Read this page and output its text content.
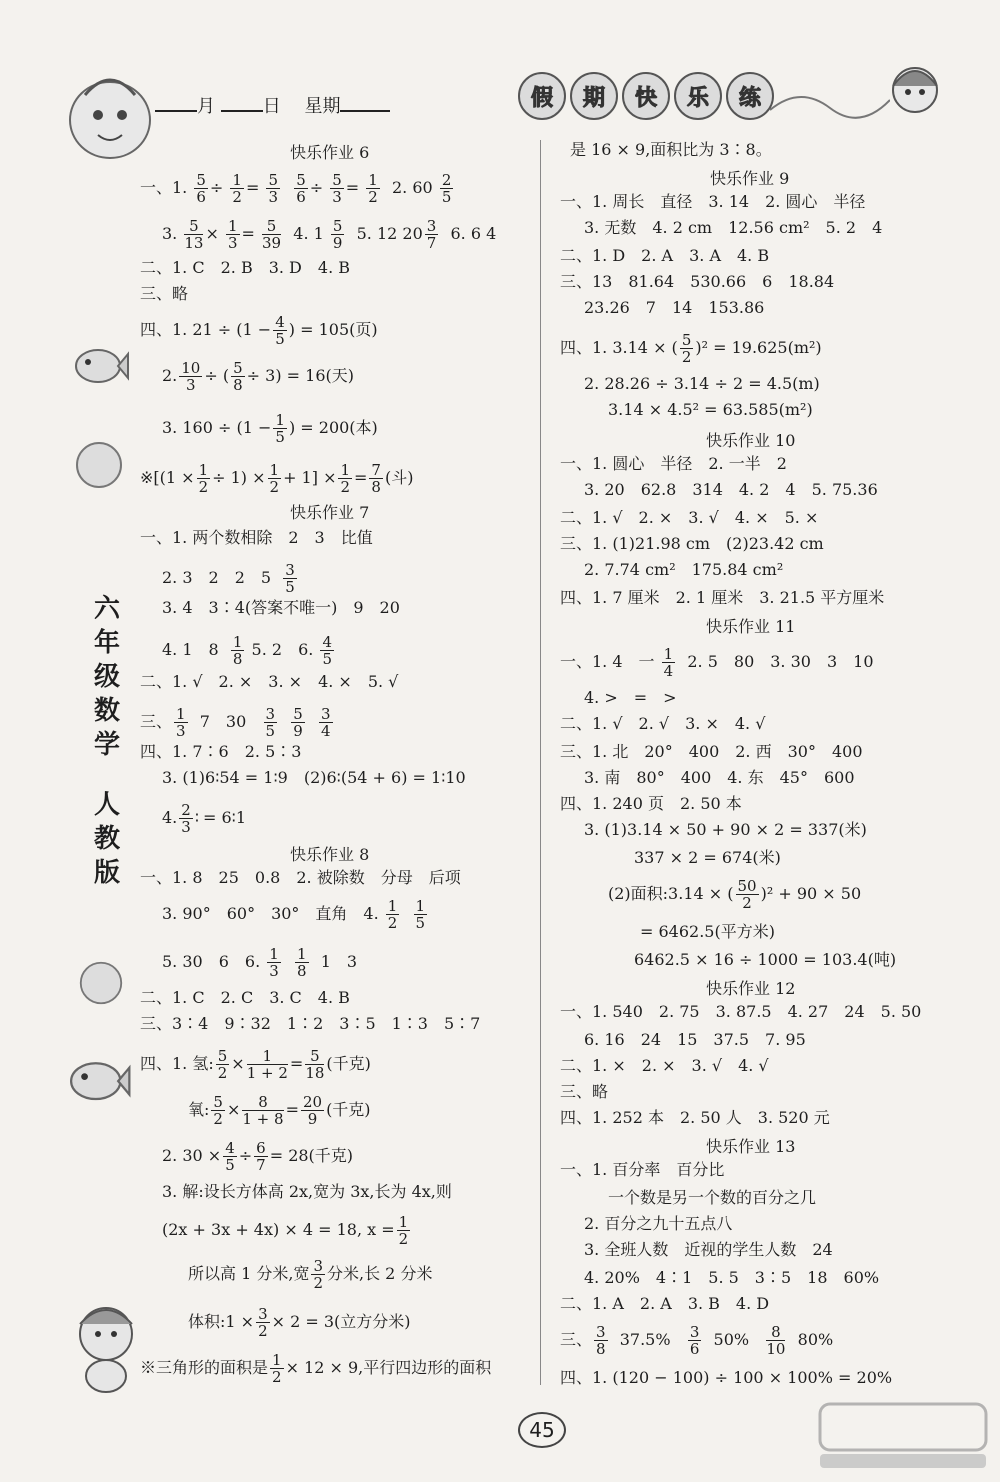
月	日 　 星期	假	期	快	乐	练
六
年
级
数
学
人
教
版
快乐作业 6
一、1. $\frac{5}{6} \div \frac{1}{2} = \frac{5}{3}$
$\frac{5}{6} \div \frac{5}{3} = \frac{1}{2} 2$. $60 \frac{2}{5}$
3. $\frac{5}{13} \times \frac{1}{3} = \frac{5}{39} 4$. $1 \frac{5}{9} 5$. 12 $20 \frac{3}{7} 6$. 6 4
二、1. C　2. B　3. D　4. B
三、略
四、1. $21 \div (1 - \frac{4}{5}$ ) = 105(页)
2. $\frac{10}{3}$ ÷ ( $\frac{5}{8} \div 3) = 16$(天)
3. $160 \div (1 - \frac{1}{5}$ ) = 200(本)
※[(1 × $\frac{1}{2} \div 1) \times \frac{1}{2} + 1] \times \frac{1}{2} = \frac{7}{8}$ (斗)
快乐作业 7
一、1. 两个数相除　2　3　比值
2. 3　2　2　$5 \frac{3}{5}$
3. 4　3∶4(答案不唯一)　9　20
4. 1　$8 \frac{1}{8} 5$. 2　6. $\frac{4}{5}$
二、1. √　2. ×　3. ×　4. ×　5. √
三、 $\frac{1}{3} 7$　$30 \frac{3}{5}$
$\frac{5}{9}$
$\frac{3}{4}$
四、1. 7∶6　2. 5∶3
3. (1)6∶54 = 1∶9　(2)6∶(54 + 6) = 1∶10
4. $\frac{2}{3}$ ∶ = 6∶1
快乐作业 8
一、1. 8　25　0.8　2. 被除数　分母　后项
3. 90°　60°　30°　直角　4. $\frac{1}{2}$
$\frac{1}{5}$
5. 30　6　6. $\frac{1}{3}$
$\frac{1}{8} 1$　3
二、1. C　2. C　3. C　4. B
三、3∶4　9∶32　1∶2　3∶5　1∶3　5∶7
四、1. 氢: $\frac{5}{2} \times \frac{1}{1 + 2} = \frac{5}{18}$ (千克)
氧: $\frac{5}{2} \times \frac{8}{1 + 8} = \frac{20}{9}$ (千克)
2. $30 \times \frac{4}{5} \div \frac{6}{7} = 28$(千克)
3. 解:设长方体高 2x,宽为 3x,长为 4x,则
(2x + 3x + 4x) × 4 = 18, $x = \frac{1}{2}$
所以高 1 分米,宽 $\frac{3}{2}$ 分米,长 2 分米
体积:1 × $\frac{3}{2} \times 2 = 3$(立方分米)
※三角形的面积是 $\frac{1}{2} \times 12 \times 9$,平行四边形的面积
是 16 × 9,面积比为 3∶8。
快乐作业 9
一、1. 周长　直径　3. 14　2. 圆心　半径
3. 无数　4. 2 cm　12.56 cm²　5. 2　4
二、1. D　2. A　3. A　4. B
三、13　81.64　530.66　6　18.84
23.26　7　14　153.86
四、1. 3.14 × ( $\frac{5}{2} )^2 = 19.625(m^2)$
2. 28.26 ÷ 3.14 ÷ 2 = 4.5(m)
3.14 × 4.5² = 63.585(m²)
快乐作业 10
一、1. 圆心　半径　2. 一半　2
3. 20　62.8　314　4. 2　4　5. 75.36
二、1. √　2. ×　3. √　4. ×　5. ×
三、1. (1)21.98 cm　(2)23.42 cm
2. 7.74 cm²　175.84 cm²
四、1. 7 厘米　2. 1 厘米　3. 21.5 平方厘米
快乐作业 11
一、1. 4　一 $\frac{1}{4} 2$. 5　80　3. 30　3　10
4. >　=　>
二、1. √　2. √　3. ×　4. √
三、1. 北　20°　400　2. 西　30°　400
3. 南　80°　400　4. 东　45°　600
四、1. 240 页　2. 50 本
3. (1)3.14 × 50 + 90 × 2 = 337(米)
337 × 2 = 674(米)
(2)面积:3.14 × ( $\frac{50}{2} )^2 + 90 \times 50$
= 6462.5(平方米)
6462.5 × 16 ÷ 1000 = 103.4(吨)
快乐作业 12
一、1. 540　2. 75　3. 87.5　4. 27　24　5. 50
6. 16　24　15　37.5　7. 95
二、1. ×　2. ×　3. √　4. √
三、略
四、1. 252 本　2. 50 人　3. 520 元
快乐作业 13
一、1. 百分率　百分比
一个数是另一个数的百分之几
2. 百分之九十五点八
3. 全班人数　近视的学生人数　24
4. 20%　4∶1　5. 5　3∶5　18　60%
二、1. A　2. A　3. B　4. D
三、 $\frac{3}{8} 37.5\% \frac{3}{6} 50\% \frac{8}{10} 80\%$
四、1. (120 − 100) ÷ 100 × 100% = 20%
45
